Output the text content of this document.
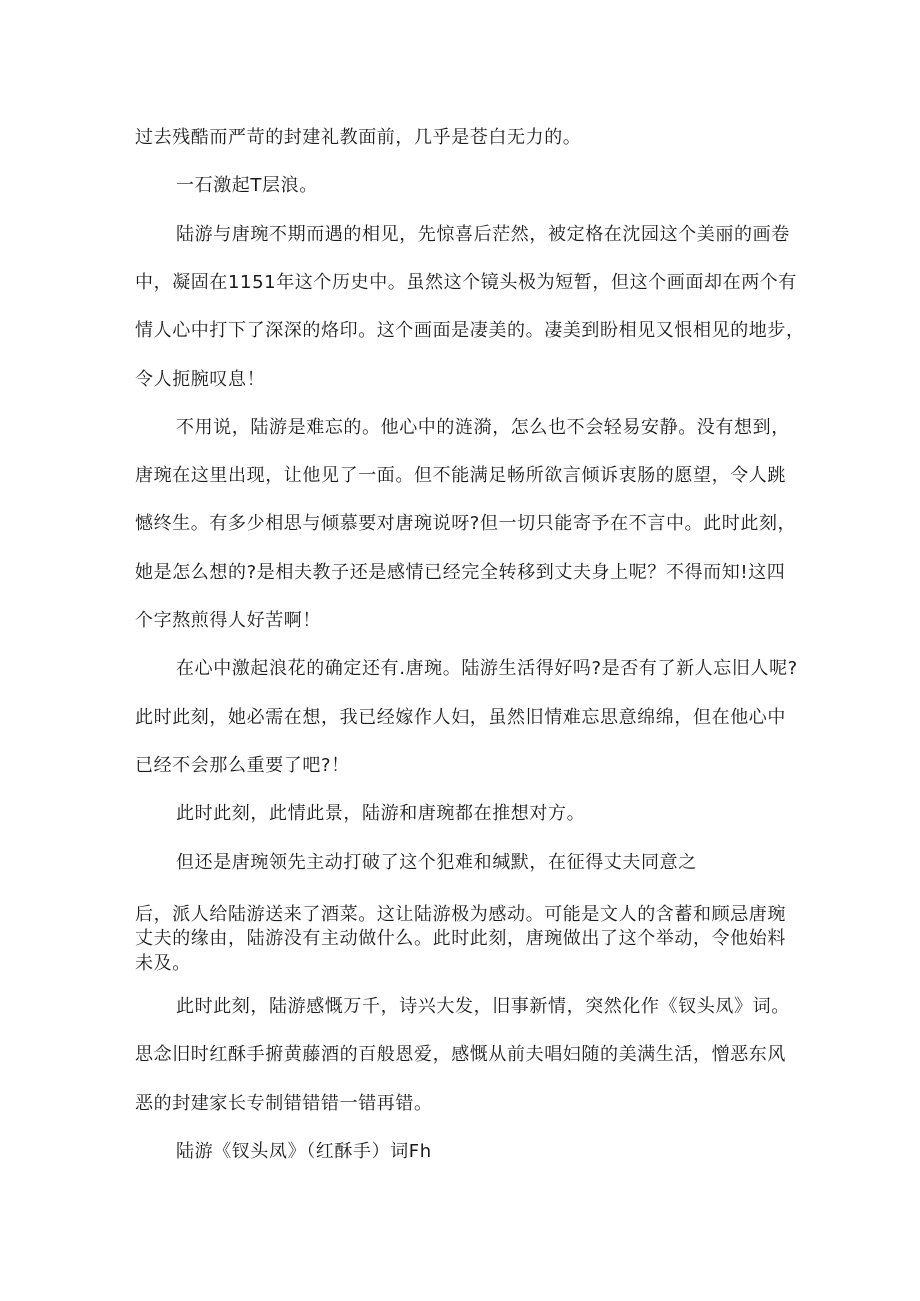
过去残酷而严苛的封建礼教面前，几乎是苍白无力的。
一石激起T层浪。
陆游与唐琬不期而遇的相见，先惊喜后茫然，被定格在沈园这个美丽的画卷
中，凝固在1151年这个历史中。虽然这个镜头极为短暂，但这个画面却在两个有
情人心中打下了深深的烙印。这个画面是凄美的。凄美到盼相见又恨相见的地步，
令人扼腕叹息！
不用说，陆游是难忘的。他心中的涟漪，怎么也不会轻易安静。没有想到，
唐琬在这里出现，让他见了一面。但不能满足畅所欲言倾诉衷肠的愿望，令人跳
憾终生。有多少相思与倾慕要对唐琬说呀?但一切只能寄予在不言中。此时此刻，
她是怎么想的?是相夫教子还是感情已经完全转移到丈夫身上呢？不得而知!这四
个字熬煎得人好苦啊！
在心中激起浪花的确定还有.唐琬。陆游生活得好吗?是否有了新人忘旧人呢?
此时此刻，她必需在想，我已经嫁作人妇，虽然旧情难忘思意绵绵，但在他心中
已经不会那么重要了吧?！
此时此刻，此情此景，陆游和唐琬都在推想对方。
但还是唐琬领先主动打破了这个犯难和缄默，在征得丈夫同意之
后，派人给陆游送来了酒菜。这让陆游极为感动。可能是文人的含蓄和顾忌唐琬
丈夫的缘由，陆游没有主动做什么。此时此刻，唐琬做出了这个举动，令他始料
未及。
此时此刻，陆游感慨万千，诗兴大发，旧事新情，突然化作《钗头凤》词。
思念旧时红酥手捬黄藤酒的百般恩爱，感慨从前夫唱妇随的美满生活，憎恶东风
恶的封建家长专制错错错一错再错。
陆游《钗头凤》（红酥手）词Fh
